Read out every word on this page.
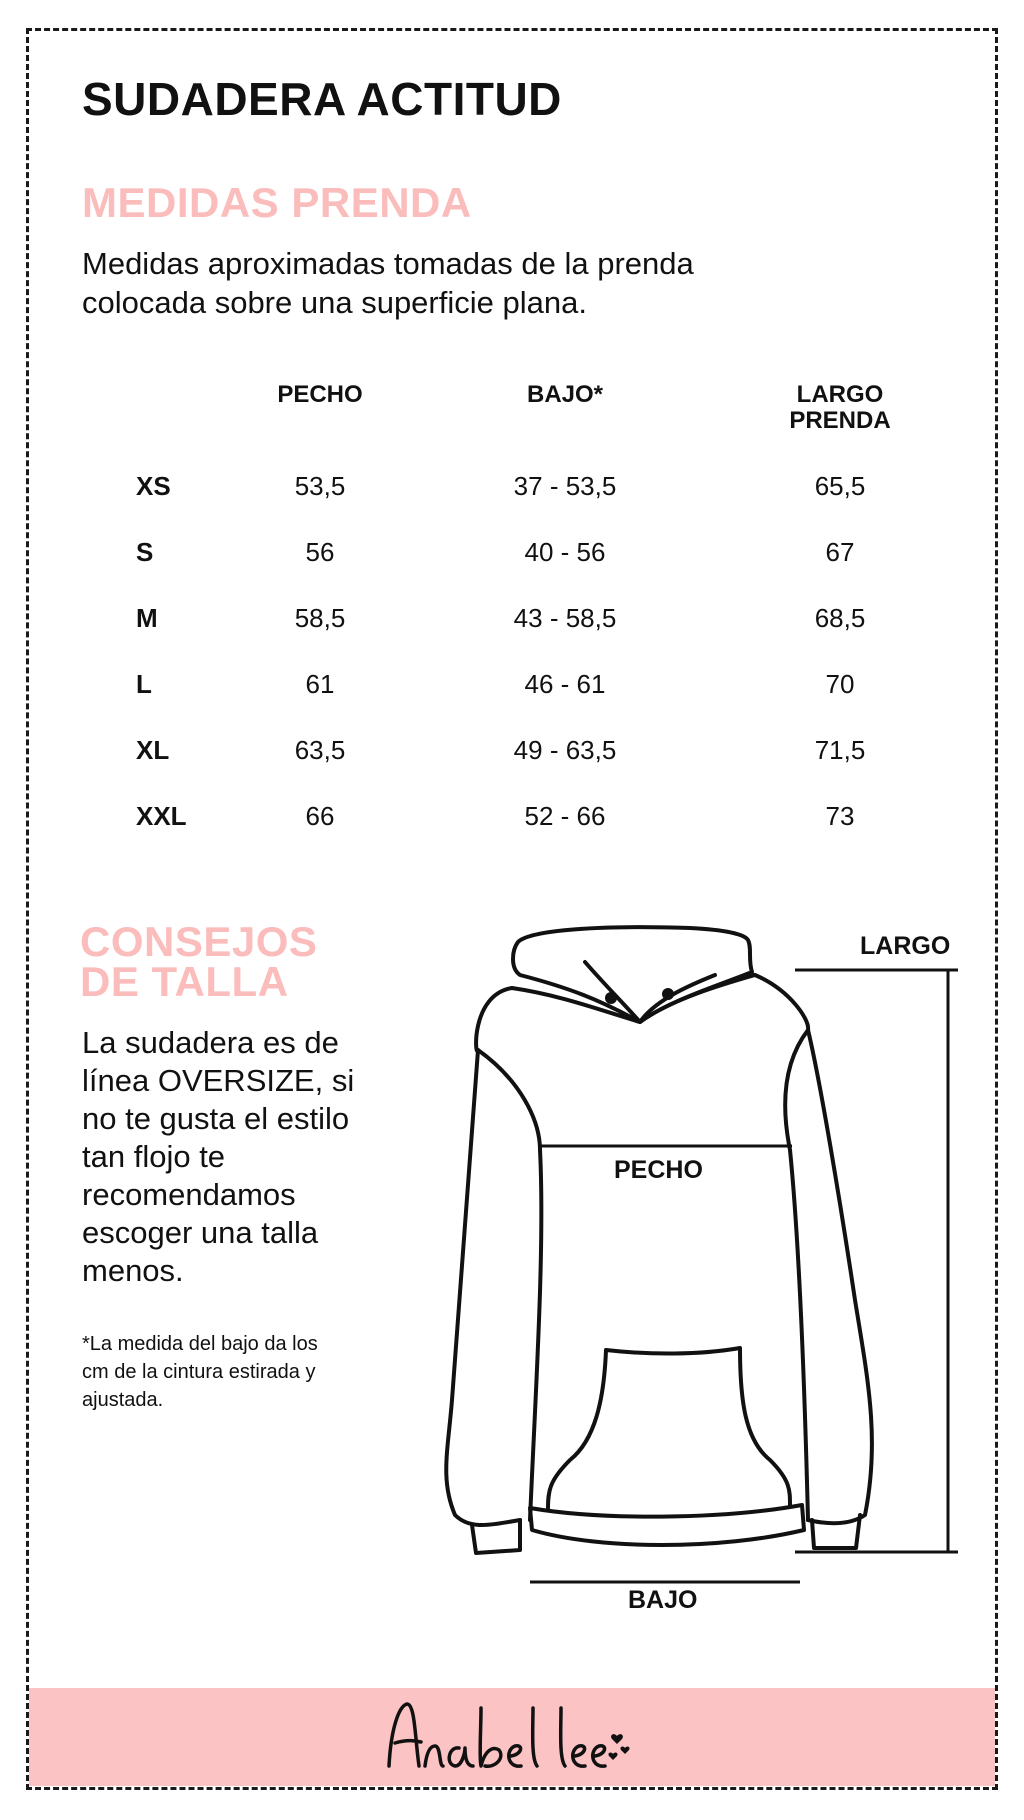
SUDADERA ACTITUD
MEDIDAS PRENDA

Medidas aproximadas tomadas de la prenda
colocada sobre una superficie plana.

PECHO	BAJO*	LARGO
PRENDA
XS	53,5	37 - 53,5	65,5
S	56	40 - 56	67
M	58,5	43 - 58,5	68,5
L	61	46 - 61	70
XL	63,5	49 - 63,5	71,5
XXL	66	52 - 66	73
CONSEJOS
DE TALLA

La sudadera es de
línea OVERSIZE, si
no te gusta el estilo
tan flojo te
recomendamos
escoger una talla
menos.

*La medida del bajo da los
cm de la cintura estirada y
ajustada.

LARGO
PECHO
BAJO
